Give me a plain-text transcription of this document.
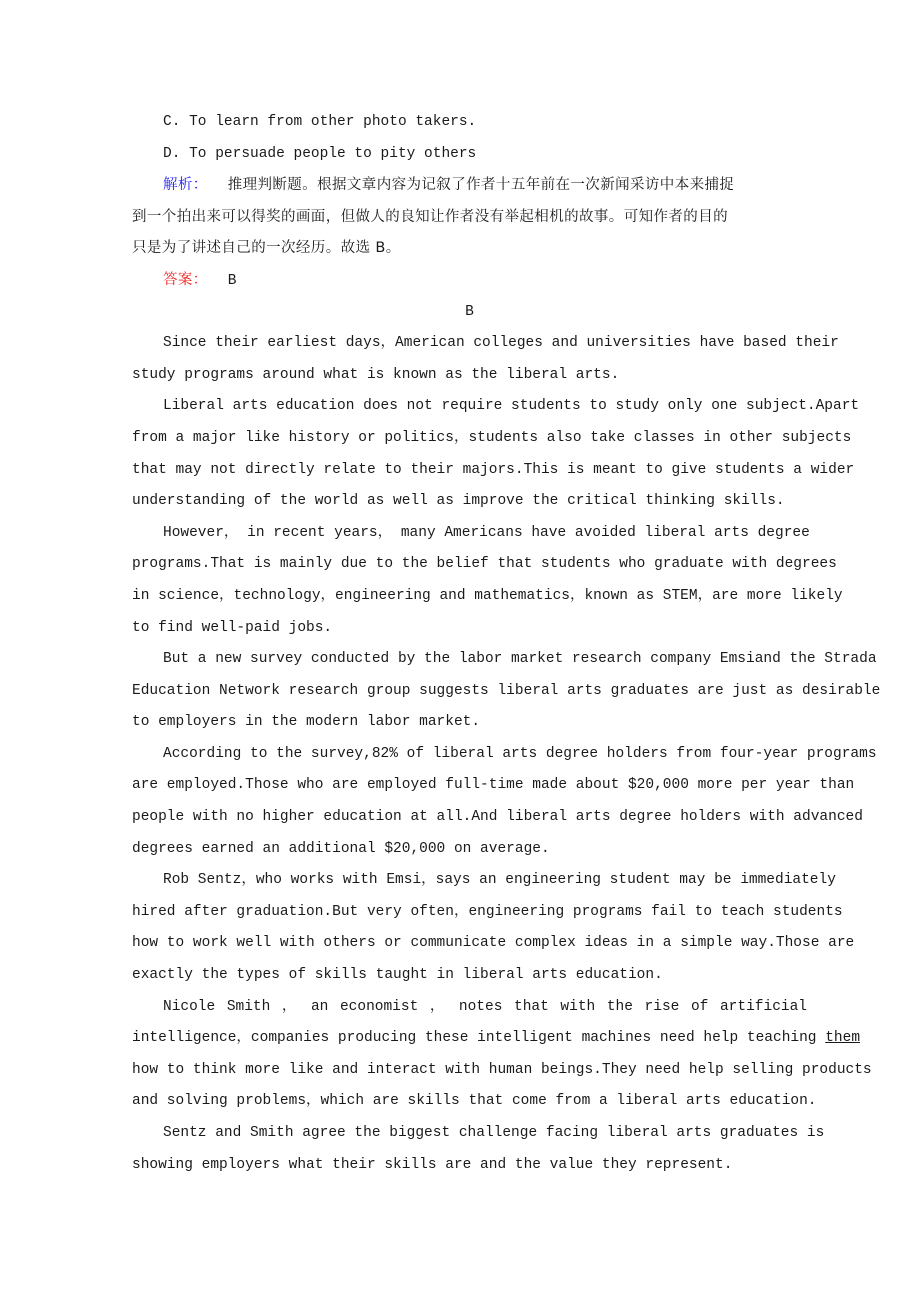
C. To learn from other photo takers.
D. To persuade people to pity others
解析： 推理判断题。根据文章内容为记叙了作者十五年前在一次新闻采访中本来捕捉
到一个拍出来可以得奖的画面，但做人的良知让作者没有举起相机的故事。可知作者的目的
只是为了讲述自己的一次经历。故选 B。
答案： B
B
Since their earliest days，American colleges and universities have based their
study programs around what is known as the liberal arts.
Liberal arts education does not require students to study only one subject.Apart
from a major like history or politics，students also take classes in other subjects
that may not directly relate to their majors.This is meant to give students a wider
understanding of the world as well as improve the critical thinking skills.
However， in recent years， many Americans have avoided liberal arts degree
programs.That is mainly due to the belief that students who graduate with degrees
in science，technology，engineering and mathematics，known as STEM，are more likely
to find well-paid jobs.
But a new survey conducted by the labor market research company Emsiand the Strada
Education Network research group suggests liberal arts graduates are just as desirable
to employers in the modern labor market.
According to the survey,82% of liberal arts degree holders from four-year programs
are employed.Those who are employed full-time made about $20,000 more per year than
people with no higher education at all.And liberal arts degree holders with advanced
degrees earned an additional $20,000 on average.
Rob Sentz，who works with Emsi，says an engineering student may be immediately
hired after graduation.But very often，engineering programs fail to teach students
how to work well with others or communicate complex ideas in a simple way.Those are
exactly the types of skills taught in liberal arts education.
Nicole Smith ， an economist ， notes that with the rise of artificial
intelligence，companies producing these intelligent machines need help teaching them
how to think more like and interact with human beings.They need help selling products
and solving problems，which are skills that come from a liberal arts education.
Sentz and Smith agree the biggest challenge facing liberal arts graduates is
showing employers what their skills are and the value they represent.
